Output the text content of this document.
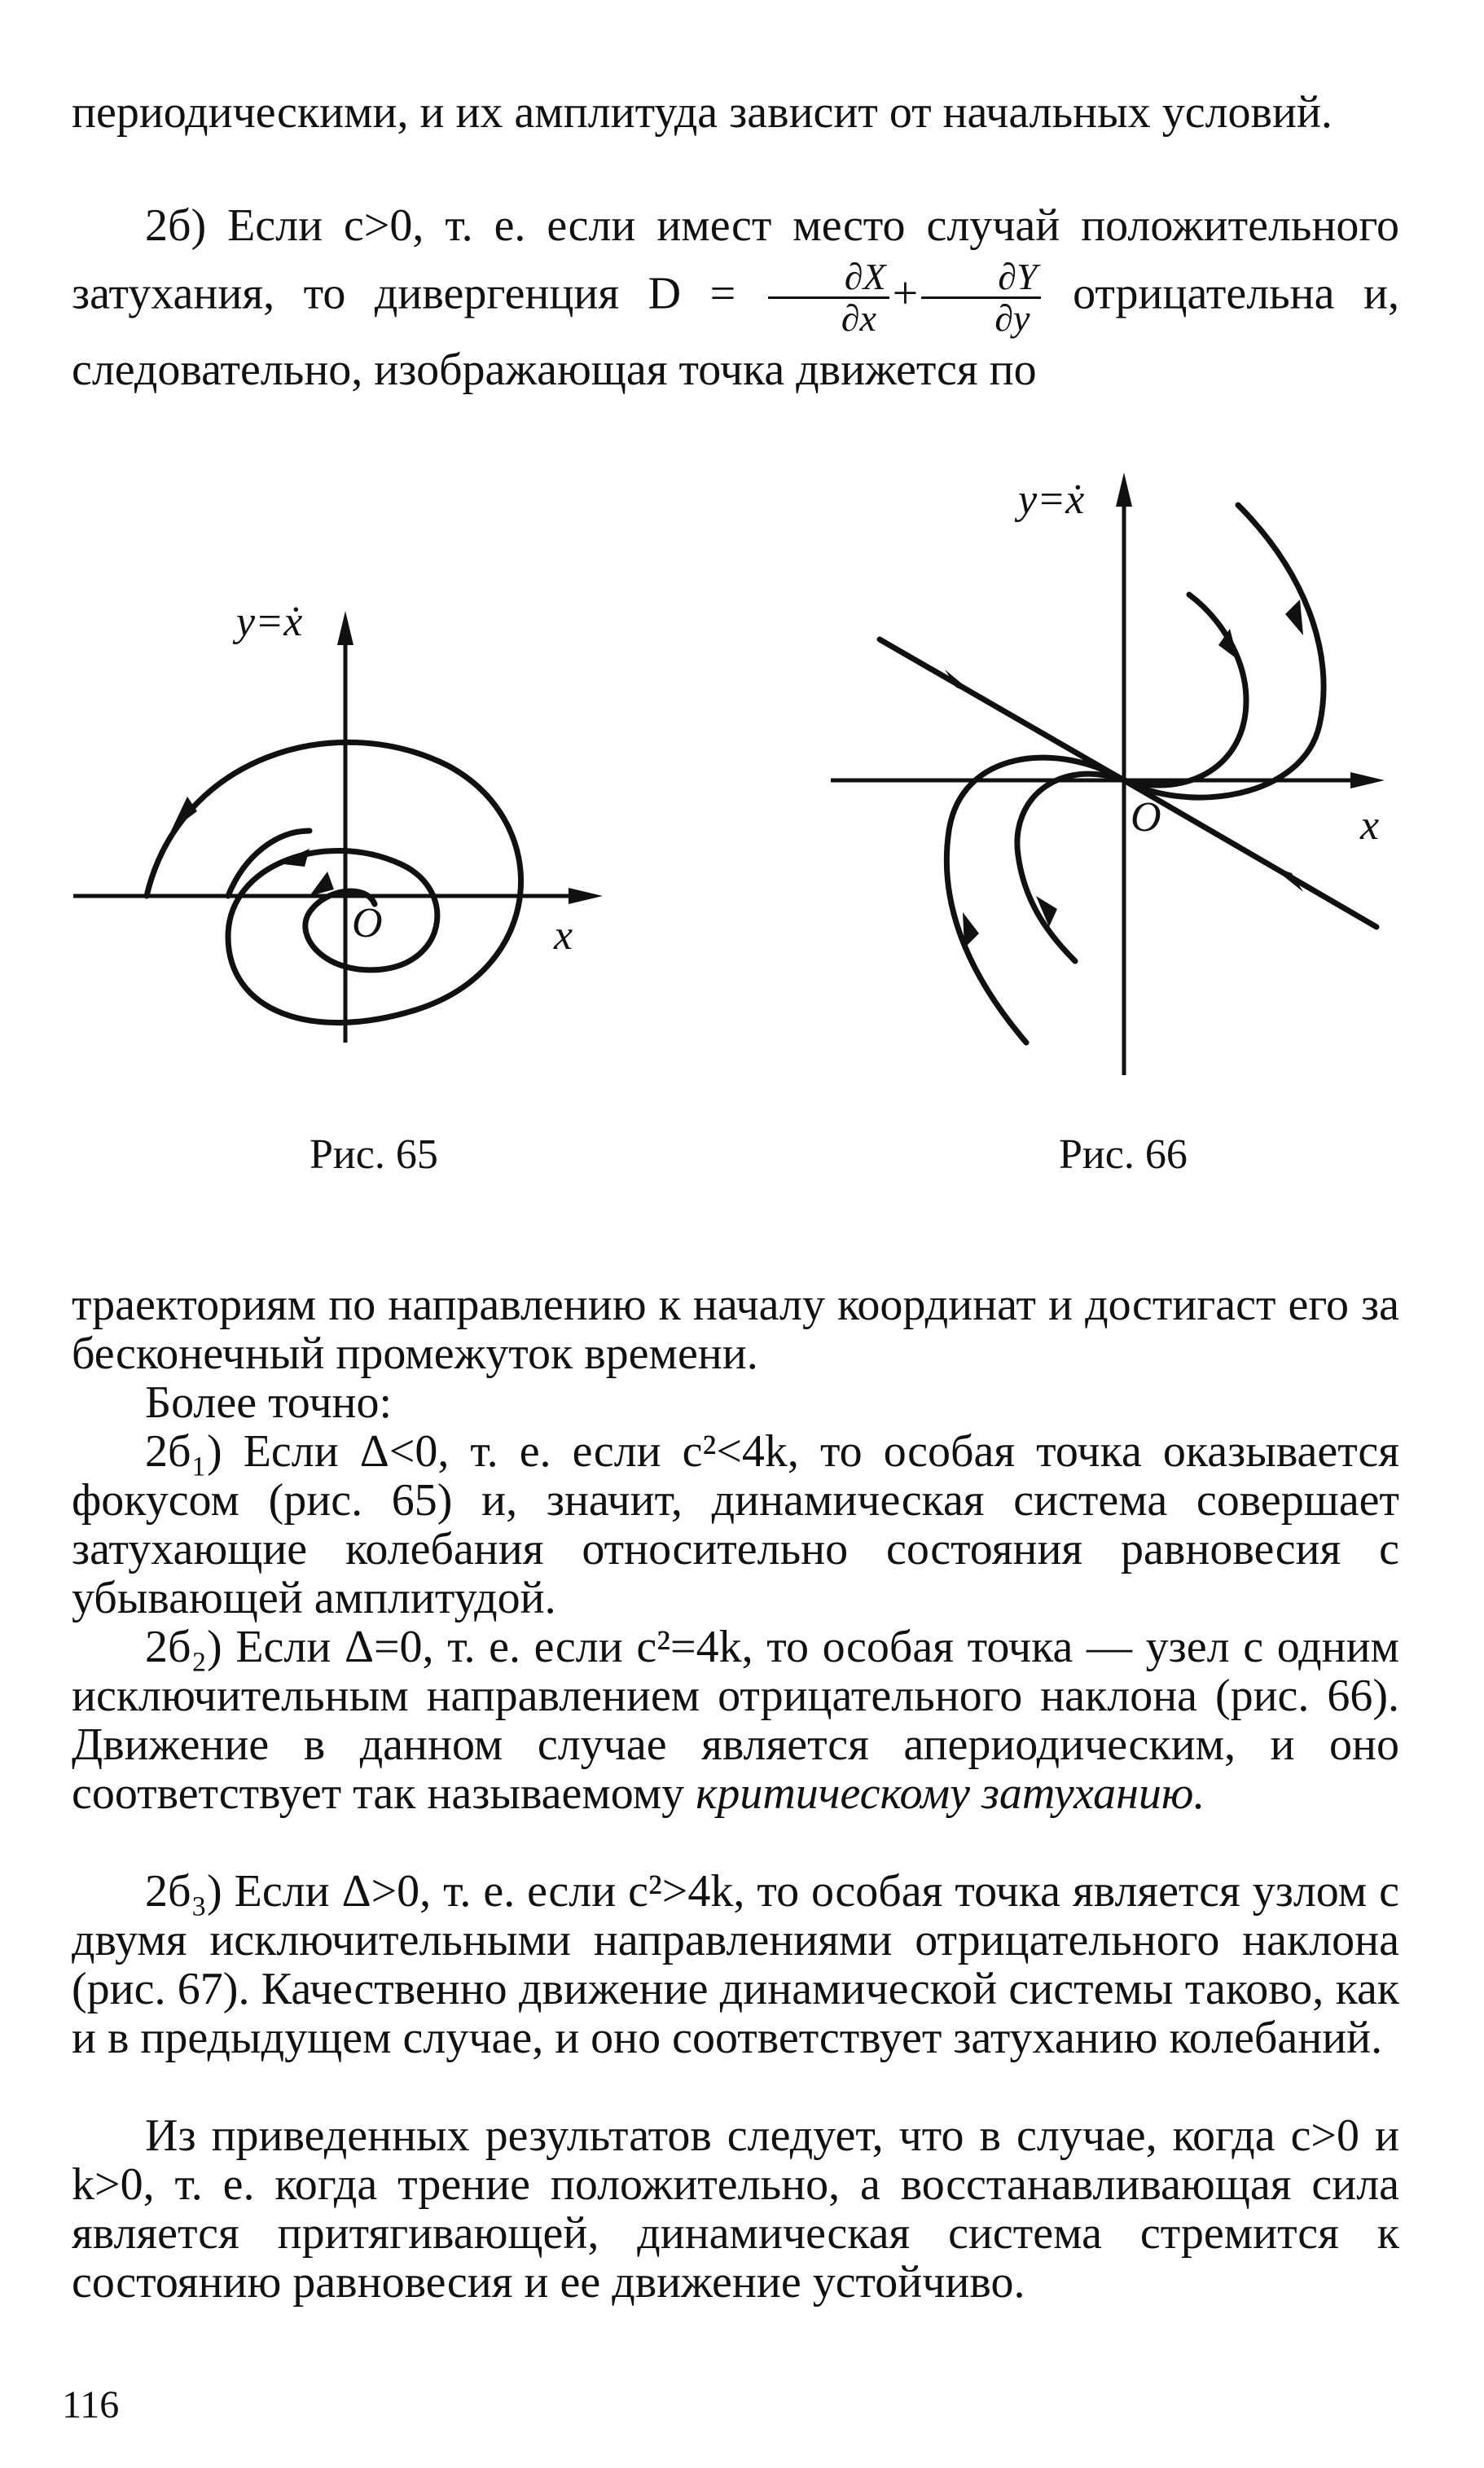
периодическими, и их амплитуда зависит от начальных условий.

2б) Если c>0, т. е. если имест место случай положительного затухания, то дивергенция $D = \frac{\partial X}{\partial x} + \frac{\partial Y}{\partial y}$ отрицательна и, следовательно, изображающая точка движется по

y=ẋ
x
O
Рис. 65
y=ẋ
x
O
Рис. 66

траекториям по направлению к началу координат и достигаст его за бесконечный промежуток времени.

Более точно:

2б₁) Если Δ<0, т. е. если c²<4k, то особая точка оказывается фокусом (рис. 65) и, значит, динамическая система совершает затухающие колебания относительно состояния равновесия с убывающей амплитудой.

2б₂) Если Δ=0, т. е. если c²=4k, то особая точка — узел с одним исключительным направлением отрицательного наклона (рис. 66). Движение в данном случае является апериодическим, и оно соответствует так называемому критическому затуханию.

2б₃) Если Δ>0, т. е. если c²>4k, то особая точка является узлом с двумя исключительными направлениями отрицательного наклона (рис. 67). Качественно движение динамической системы таково, как и в предыдущем случае, и оно соответствует затуханию колебаний.

Из приведенных результатов следует, что в случае, когда c>0 и k>0, т. е. когда трение положительно, а восстанавливающая сила является притягивающей, динамическая система стремится к состоянию равновесия и ее движение устойчиво.

116
